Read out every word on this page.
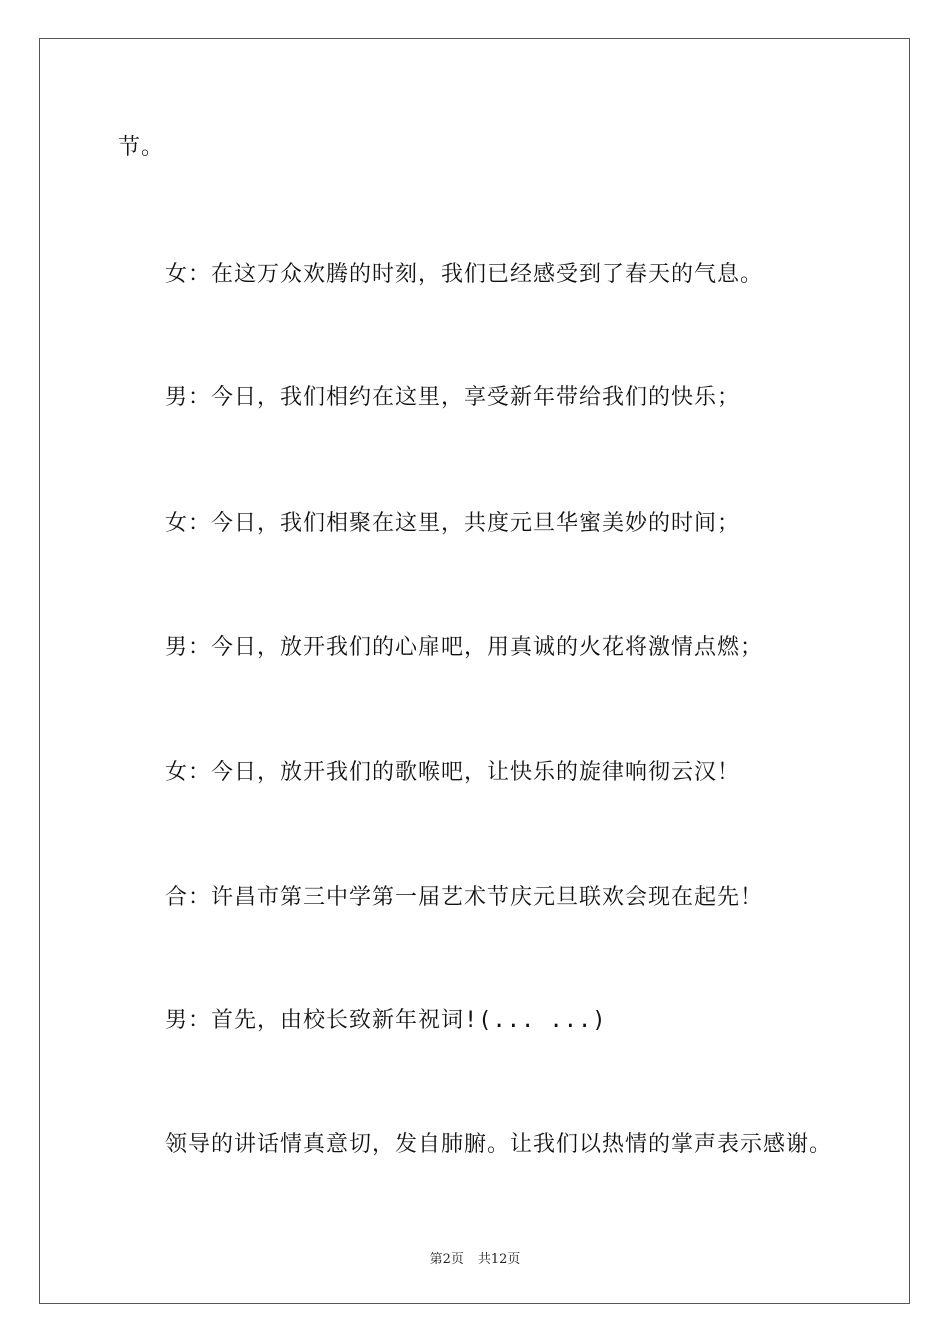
节。
女：在这万众欢腾的时刻，我们已经感受到了春天的气息。
男：今日，我们相约在这里，享受新年带给我们的快乐；
女：今日，我们相聚在这里，共度元旦华蜜美妙的时间；
男：今日，放开我们的心扉吧，用真诚的火花将激情点燃；
女：今日，放开我们的歌喉吧，让快乐的旋律响彻云汉！
合：许昌市第三中学第一届艺术节庆元旦联欢会现在起先！
男：首先，由校长致新年祝词!(... ...)
领导的讲话情真意切，发自肺腑。让我们以热情的掌声表示感谢。
第2页 共12页
